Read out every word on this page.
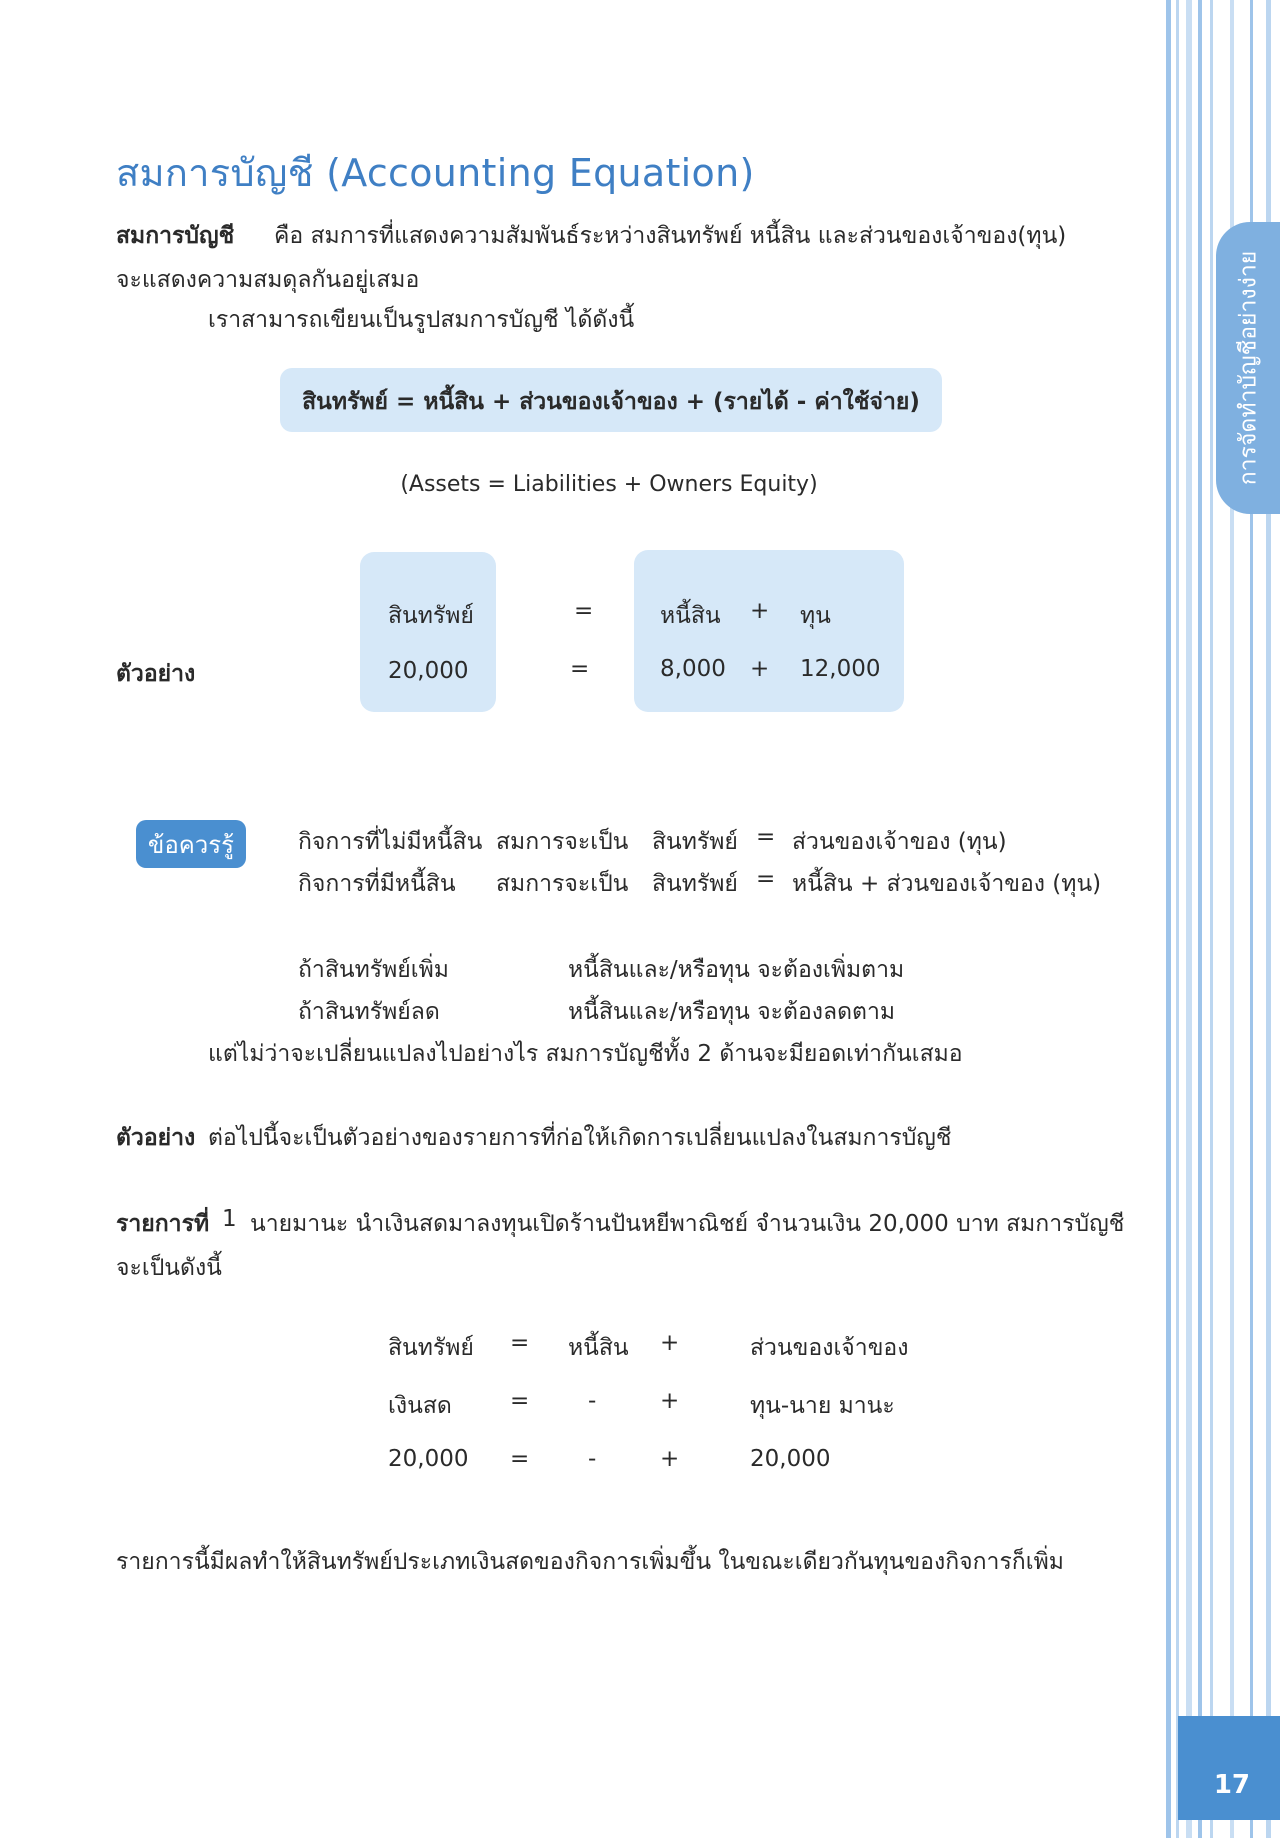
การจัดทำบัญชีอย่างง่าย
17
สมการบัญชี (Accounting Equation)
สมการบัญชี คือ สมการที่แสดงความสัมพันธ์ระหว่างสินทรัพย์ หนี้สิน และส่วนของเจ้าของ(ทุน)
จะแสดงความสมดุลกันอยู่เสมอ
เราสามารถเขียนเป็นรูปสมการบัญชี ได้ดังนี้
สินทรัพย์ = หนี้สิน + ส่วนของเจ้าของ + (รายได้ - ค่าใช้จ่าย)
(Assets = Liabilities + Owners Equity)
สินทรัพย์	=	หนี้สิน + ทุน
ตัวอย่าง	20,000	=	8,000 + 12,000
ข้อควรรู้	กิจการที่ไม่มีหนี้สิน สมการจะเป็น สินทรัพย์ = ส่วนของเจ้าของ (ทุน)
กิจการที่มีหนี้สิน สมการจะเป็น สินทรัพย์ = หนี้สิน + ส่วนของเจ้าของ (ทุน)
ถ้าสินทรัพย์เพิ่ม	หนี้สินและ/หรือทุน จะต้องเพิ่มตาม
ถ้าสินทรัพย์ลด	หนี้สินและ/หรือทุน จะต้องลดตาม
แต่ไม่ว่าจะเปลี่ยนแปลงไปอย่างไร สมการบัญชีทั้ง 2 ด้านจะมียอดเท่ากันเสมอ
ตัวอย่าง ต่อไปนี้จะเป็นตัวอย่างของรายการที่ก่อให้เกิดการเปลี่ยนแปลงในสมการบัญชี
รายการที่ 1 นายมานะ นำเงินสดมาลงทุนเปิดร้านปันหยีพาณิชย์ จำนวนเงิน 20,000 บาท สมการบัญชี
จะเป็นดังนี้
สินทรัพย์ = หนี้สิน +	ส่วนของเจ้าของ
เงินสด	=	-	+	ทุน-นาย มานะ
20,000 =	-	+	20,000
รายการนี้มีผลทำให้สินทรัพย์ประเภทเงินสดของกิจการเพิ่มขึ้น ในขณะเดียวกันทุนของกิจการก็เพิ่ม
